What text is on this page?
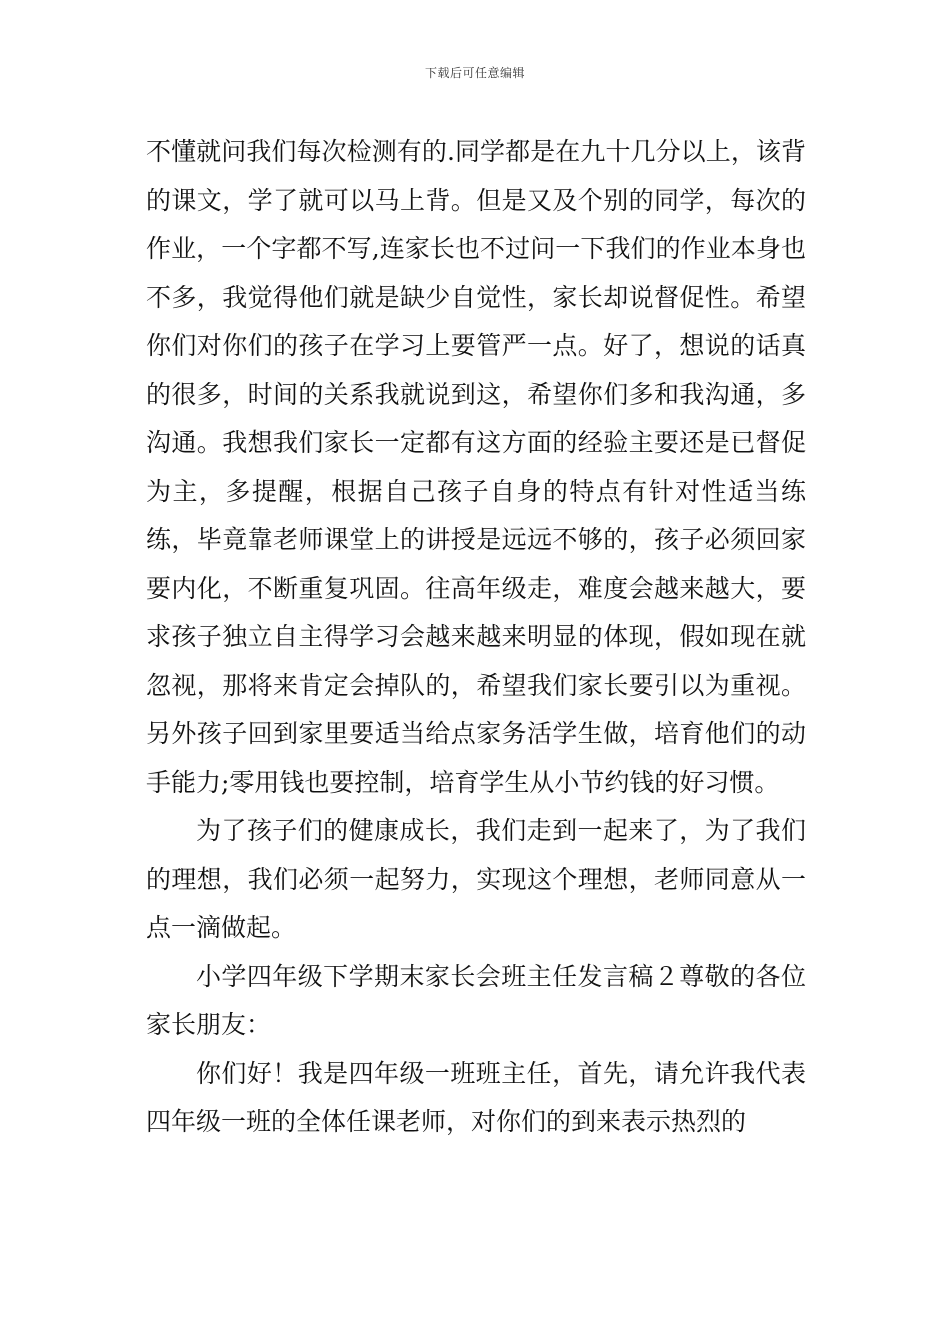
下载后可任意编辑

不懂就问我们每次检测有的.同学都是在九十几分以上，该背的课文，学了就可以马上背。但是又及个别的同学，每次的作业，一个字都不写,连家长也不过问一下我们的作业本身也不多，我觉得他们就是缺少自觉性，家长却说督促性。希望你们对你们的孩子在学习上要管严一点。好了，想说的话真的很多，时间的关系我就说到这，希望你们多和我沟通，多沟通。我想我们家长一定都有这方面的经验主要还是已督促为主，多提醒，根据自己孩子自身的特点有针对性适当练练，毕竟靠老师课堂上的讲授是远远不够的，孩子必须回家要内化，不断重复巩固。往高年级走，难度会越来越大，要求孩子独立自主得学习会越来越来明显的体现，假如现在就忽视，那将来肯定会掉队的，希望我们家长要引以为重视。另外孩子回到家里要适当给点家务活学生做，培育他们的动手能力;零用钱也要控制，培育学生从小节约钱的好习惯。

为了孩子们的健康成长，我们走到一起来了，为了我们的理想，我们必须一起努力，实现这个理想，老师同意从一点一滴做起。

小学四年级下学期末家长会班主任发言稿２尊敬的各位家长朋友：

你们好！我是四年级一班班主任，首先，请允许我代表四年级一班的全体任课老师，对你们的到来表示热烈的
